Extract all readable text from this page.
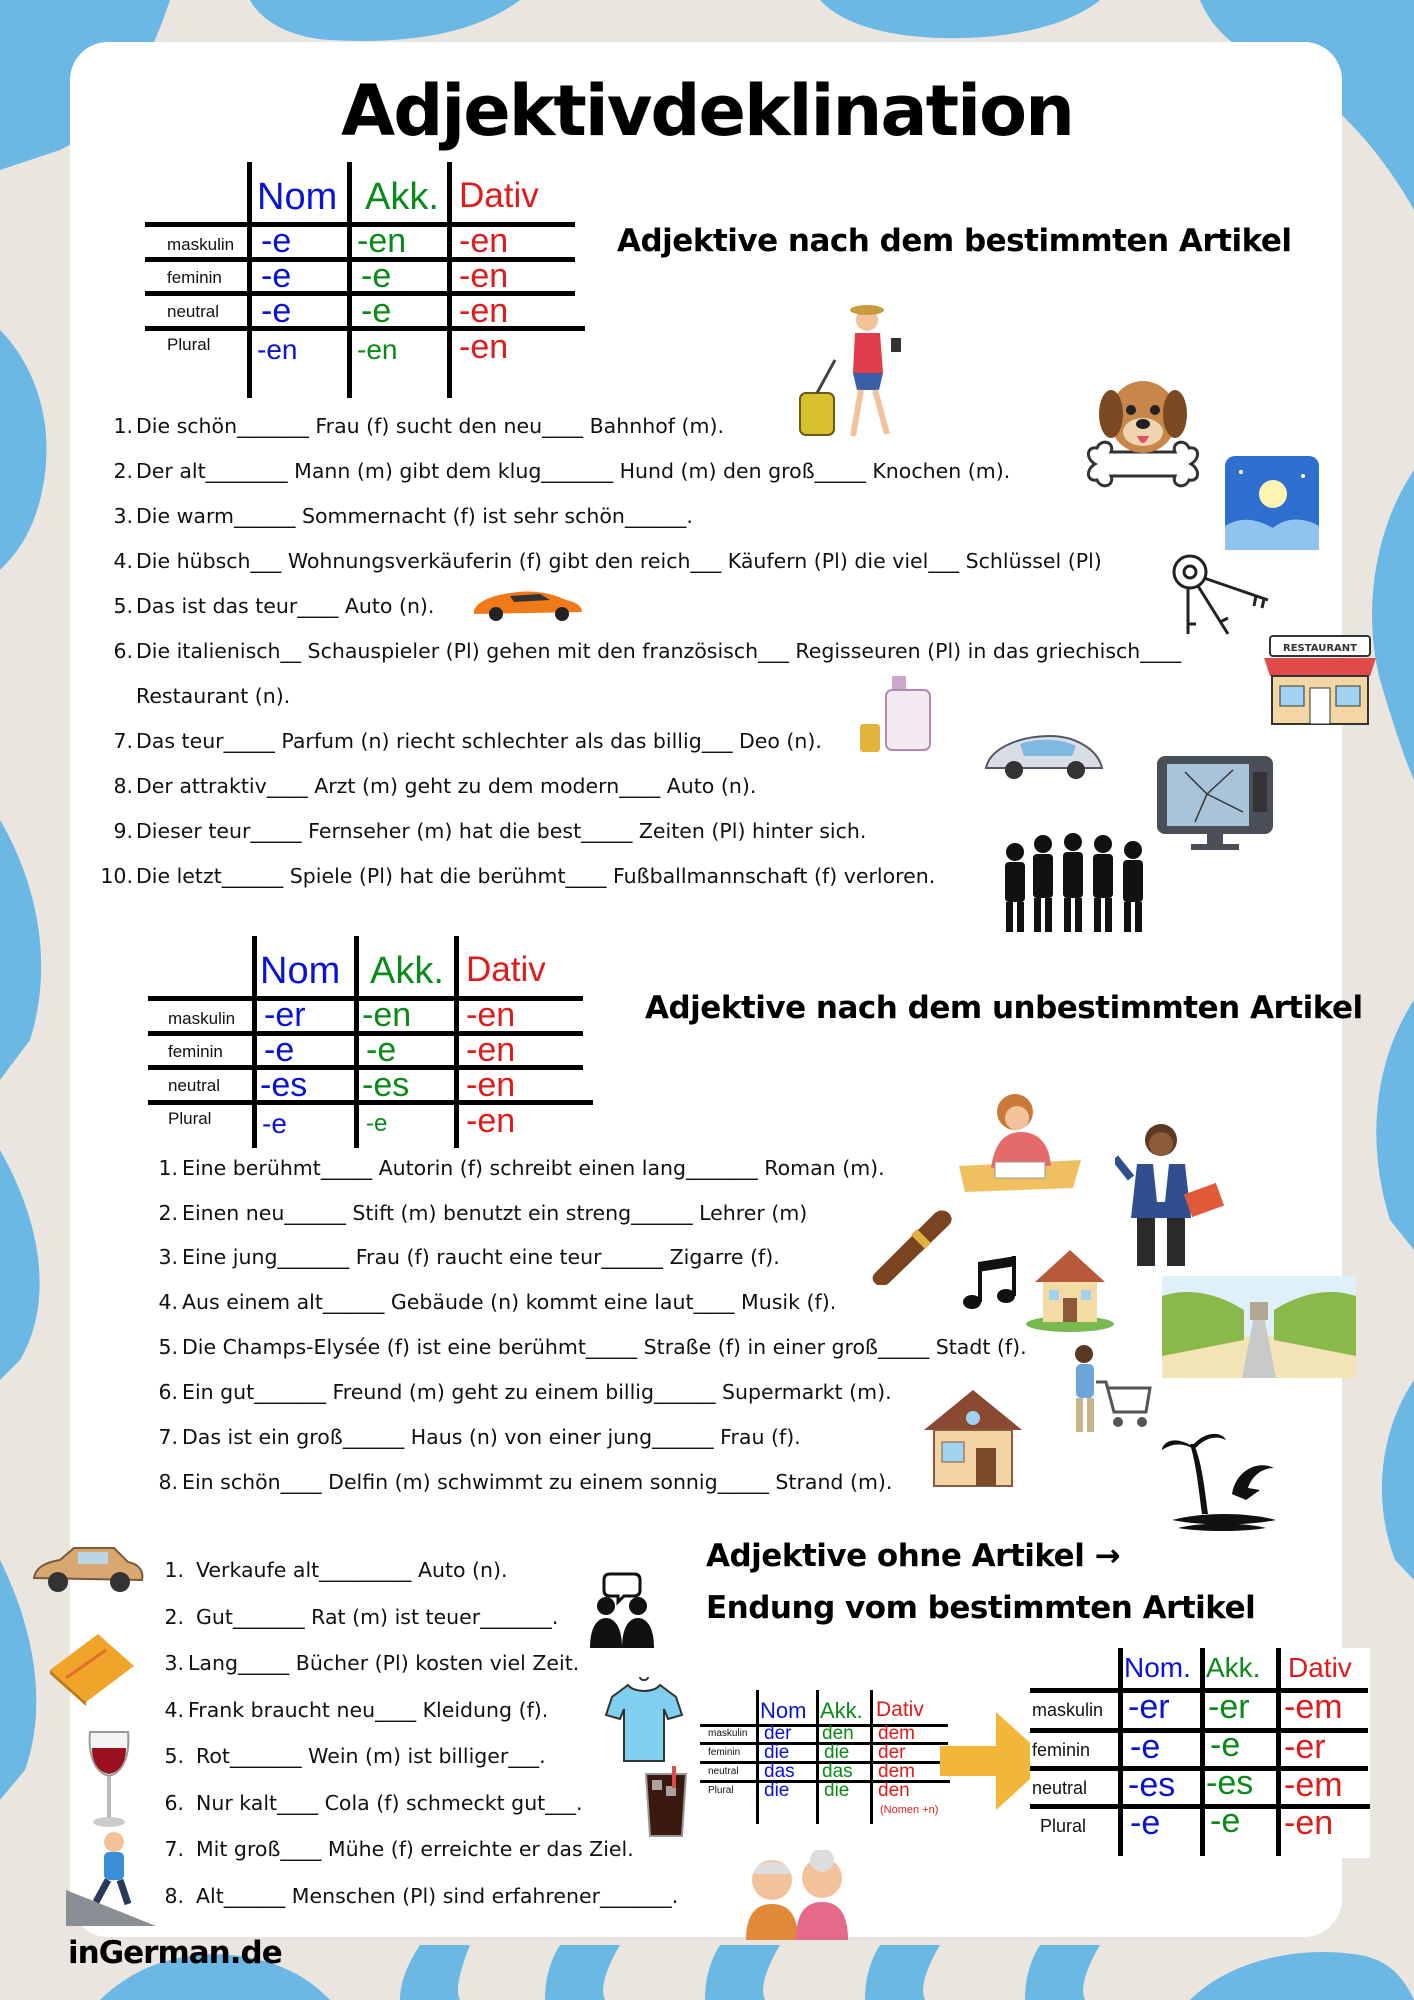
Adjektivdeklination
Nom Akk. Dativ
maskulin
feminin
neutral
Plural
-e -en -en
-e -e -en
-e -e -en
-en -en -en
Adjektive nach dem bestimmten Artikel
1. Die schön_______ Frau (f) sucht den neu____ Bahnhof (m).
2. Der alt________ Mann (m) gibt dem klug_______ Hund (m) den groß_____ Knochen (m).
3. Die warm______ Sommernacht (f) ist sehr schön______.
4. Die hübsch___ Wohnungsverkäuferin (f) gibt den reich___ Käufern (Pl) die viel___ Schlüssel (Pl)
5. Das ist das teur____ Auto (n).
6. Die italienisch__ Schauspieler (Pl) gehen mit den französisch___ Regisseuren (Pl) in das griechisch____
Restaurant (n).
7. Das teur_____ Parfum (n) riecht schlechter als das billig___ Deo (n).
8. Der attraktiv____ Arzt (m) geht zu dem modern____ Auto (n).
9. Dieser teur_____ Fernseher (m) hat die best_____ Zeiten (Pl) hinter sich.
10. Die letzt______ Spiele (Pl) hat die berühmt____ Fußballmannschaft (f) verloren.
RESTAURANT
Nom Akk. Dativ
maskulin
feminin
neutral
Plural
-er -en -en
-e -e -en
-es -es -en
-e	-e -en
Adjektive nach dem unbestimmten Artikel
1. Eine berühmt_____ Autorin (f) schreibt einen lang_______ Roman (m).
2. Einen neu______ Stift (m) benutzt ein streng______ Lehrer (m)
3. Eine jung_______ Frau (f) raucht eine teur______ Zigarre (f).
4. Aus einem alt______ Gebäude (n) kommt eine laut____ Musik (f).
5. Die Champs-Elysée (f) ist eine berühmt_____ Straße (f) in einer groß_____ Stadt (f).
6. Ein gut_______ Freund (m) geht zu einem billig______ Supermarkt (m).
7. Das ist ein groß______ Haus (n) von einer jung______ Frau (f).
8. Ein schön____ Delfin (m) schwimmt zu einem sonnig_____ Strand (m).
Adjektive ohne Artikel →
Endung vom bestimmten Artikel
1. Verkaufe alt_________ Auto (n).
2. Gut_______ Rat (m) ist teuer_______.
3. Lang_____ Bücher (Pl) kosten viel Zeit.
4. Frank braucht neu____ Kleidung (f).
5. Rot_______ Wein (m) ist billiger___.
6. Nur kalt____ Cola (f) schmeckt gut___.
7. Mit groß____ Mühe (f) erreichte er das Ziel.
8. Alt______ Menschen (Pl) sind erfahrener_______.
Nom Akk. Dativ
maskulin
feminin
neutral
Plural
der den dem
die die der
das das dem
die die den
(Nomen +n)
Nom. Akk. Dativ
maskulin
feminin
neutral
Plural
-er -er -em
-e -e -er
-es -es -em
-e -e -en
inGerman.de
